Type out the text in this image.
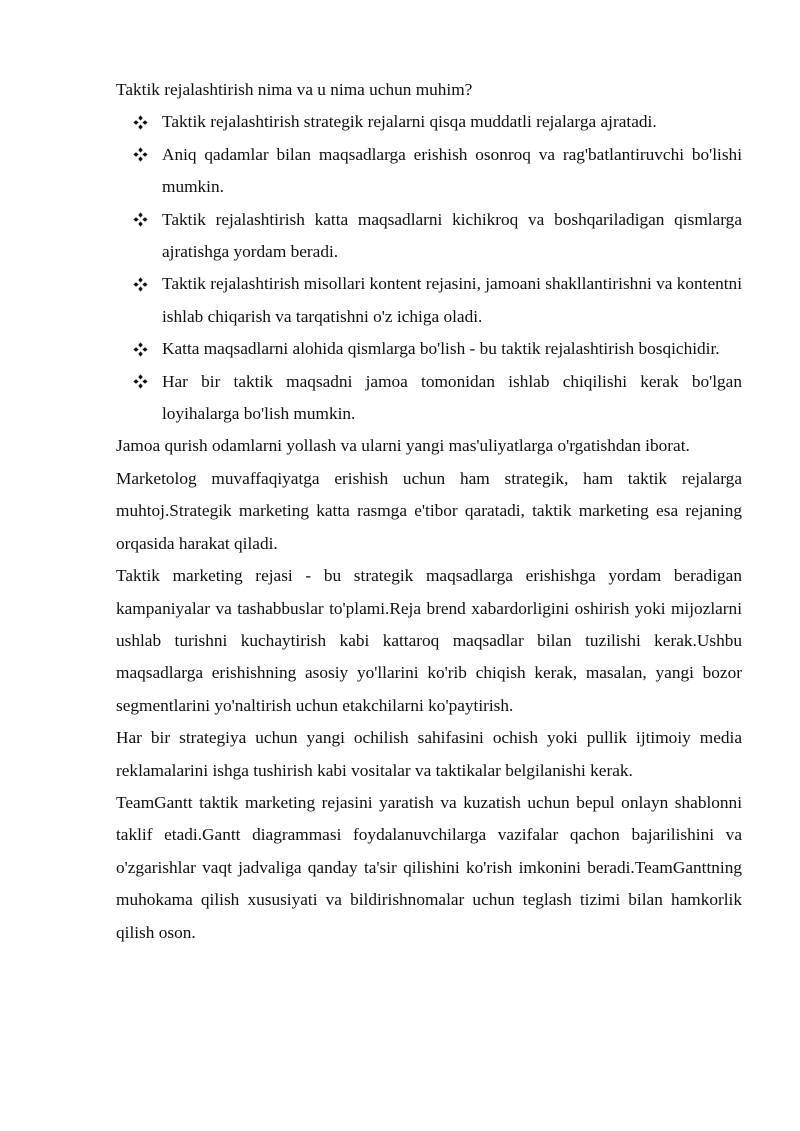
Taktik rejalashtirish nima va u nima uchun muhim?
Taktik rejalashtirish strategik rejalarni qisqa muddatli rejalarga ajratadi.
Aniq qadamlar bilan maqsadlarga erishish osonroq va rag'batlantiruvchi bo'lishi mumkin.
Taktik rejalashtirish katta maqsadlarni kichikroq va boshqariladigan qismlarga ajratishga yordam beradi.
Taktik rejalashtirish misollari kontent rejasini, jamoani shakllantirishni va kontentni ishlab chiqarish va tarqatishni o'z ichiga oladi.
Katta maqsadlarni alohida qismlarga bo'lish - bu taktik rejalashtirish bosqichidir.
Har bir taktik maqsadni jamoa tomonidan ishlab chiqilishi kerak bo'lgan loyihalarga bo'lish mumkin.

Jamoa qurish odamlarni yollash va ularni yangi mas'uliyatlarga o'rgatishdan iborat.

Marketolog muvaffaqiyatga erishish uchun ham strategik, ham taktik rejalarga muhtoj.Strategik marketing katta rasmga e'tibor qaratadi, taktik marketing esa rejaning orqasida harakat qiladi.

Taktik marketing rejasi - bu strategik maqsadlarga erishishga yordam beradigan kampaniyalar va tashabbuslar to'plami.Reja brend xabardorligini oshirish yoki mijozlarni ushlab turishni kuchaytirish kabi kattaroq maqsadlar bilan tuzilishi kerak.Ushbu maqsadlarga erishishning asosiy yo'llarini ko'rib chiqish kerak, masalan, yangi bozor segmentlarini yo'naltirish uchun etakchilarni ko'paytirish.

Har bir strategiya uchun yangi ochilish sahifasini ochish yoki pullik ijtimoiy media reklamalarini ishga tushirish kabi vositalar va taktikalar belgilanishi kerak.

TeamGantt taktik marketing rejasini yaratish va kuzatish uchun bepul onlayn shablonni taklif etadi.Gantt diagrammasi foydalanuvchilarga vazifalar qachon bajarilishini va o'zgarishlar vaqt jadvaliga qanday ta'sir qilishini ko'rish imkonini beradi.TeamGanttning muhokama qilish xususiyati va bildirishnomalar uchun teglash tizimi bilan hamkorlik qilish oson.
